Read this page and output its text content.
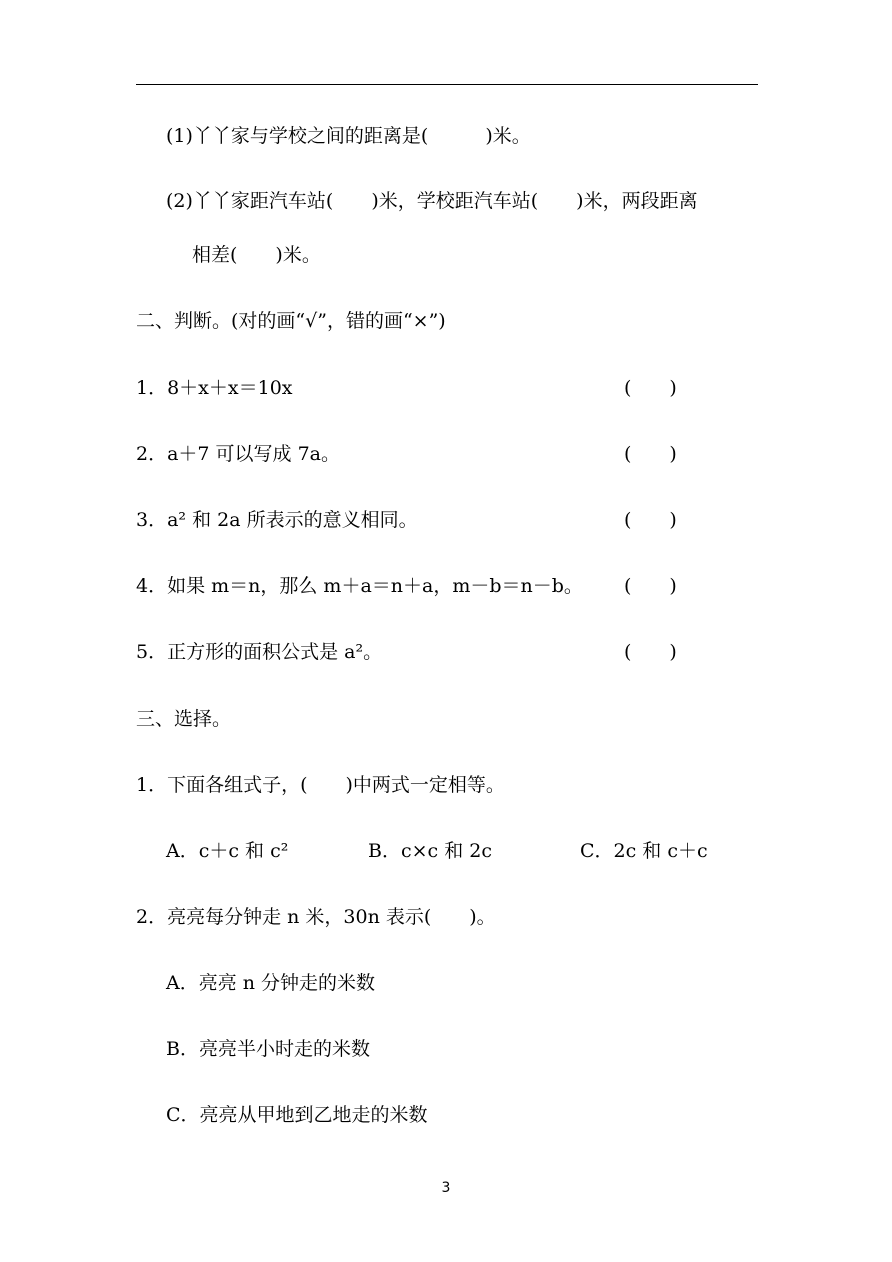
(1)丫丫家与学校之间的距离是(　　　)米。
(2)丫丫家距汽车站(　　)米，学校距汽车站(　　)米，两段距离
相差(　　)米。
二、判断。(对的画“√”，错的画“×”)
1．8＋x＋x＝10x	(　　)
2．a＋7 可以写成 7a。	(　　)
3．a² 和 2a 所表示的意义相同。	(　　)
4．如果 m＝n，那么 m＋a＝n＋a，m－b＝n－b。 (　　)
5．正方形的面积公式是 a²。	(　　)
三、选择。
1．下面各组式子，(　　)中两式一定相等。
A．c＋c 和 c²	B．c×c 和 2c	C．2c 和 c＋c
2．亮亮每分钟走 n 米，30n 表示(　　)。
A．亮亮 n 分钟走的米数
B．亮亮半小时走的米数
C．亮亮从甲地到乙地走的米数
3
